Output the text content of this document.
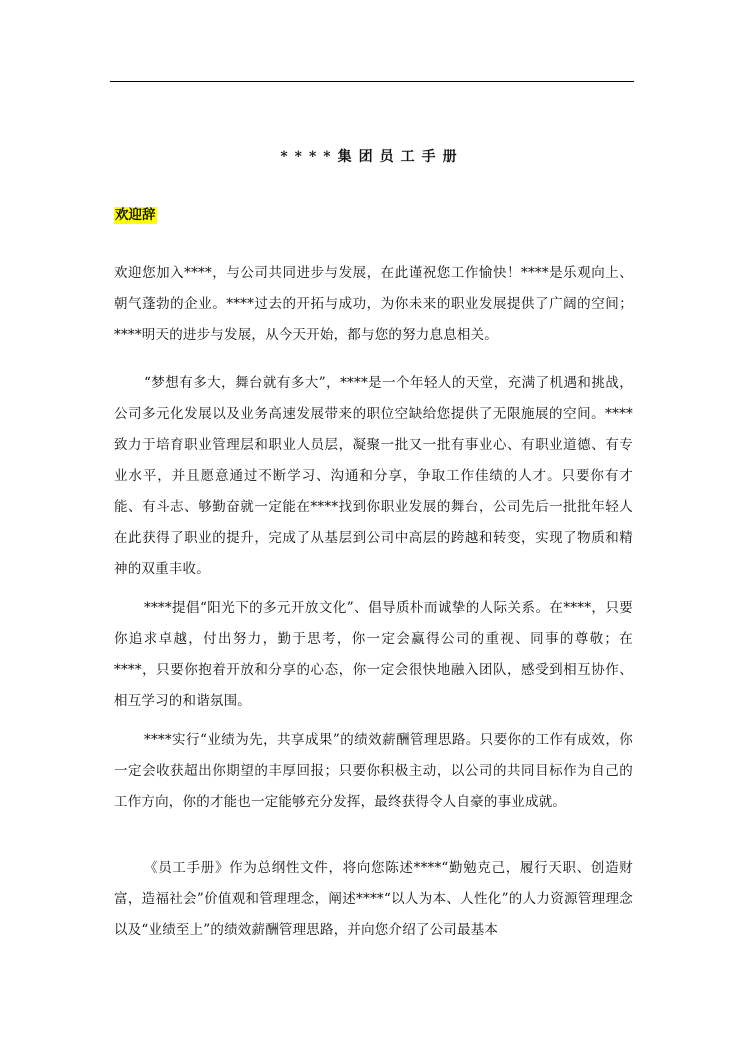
****集团员工手册
欢迎辞
欢迎您加入****，与公司共同进步与发展，在此谨祝您工作愉快！****是乐观向上、朝气蓬勃的企业。****过去的开拓与成功，为你未来的职业发展提供了广阔的空间；****明天的进步与发展，从今天开始，都与您的努力息息相关。
“梦想有多大，舞台就有多大”，****是一个年轻人的天堂，充满了机遇和挑战，公司多元化发展以及业务高速发展带来的职位空缺给您提供了无限施展的空间。****致力于培育职业管理层和职业人员层，凝聚一批又一批有事业心、有职业道德、有专业水平，并且愿意通过不断学习、沟通和分享，争取工作佳绩的人才。只要你有才能、有斗志、够勤奋就一定能在****找到你职业发展的舞台，公司先后一批批年轻人在此获得了职业的提升，完成了从基层到公司中高层的跨越和转变，实现了物质和精神的双重丰收。
****提倡“阳光下的多元开放文化”、倡导质朴而诚挚的人际关系。在****，只要你追求卓越，付出努力，勤于思考，你一定会赢得公司的重视、同事的尊敬；在****，只要你抱着开放和分享的心态，你一定会很快地融入团队，感受到相互协作、相互学习的和谐氛围。
****实行“业绩为先，共享成果”的绩效薪酬管理思路。只要你的工作有成效，你一定会收获超出你期望的丰厚回报；只要你积极主动，以公司的共同目标作为自己的工作方向，你的才能也一定能够充分发挥，最终获得令人自豪的事业成就。
《员工手册》作为总纲性文件，将向您陈述****“勤勉克己，履行天职、创造财富，造福社会”价值观和管理理念，阐述****“以人为本、人性化”的人力资源管理理念以及“业绩至上”的绩效薪酬管理思路，并向您介绍了公司最基本
